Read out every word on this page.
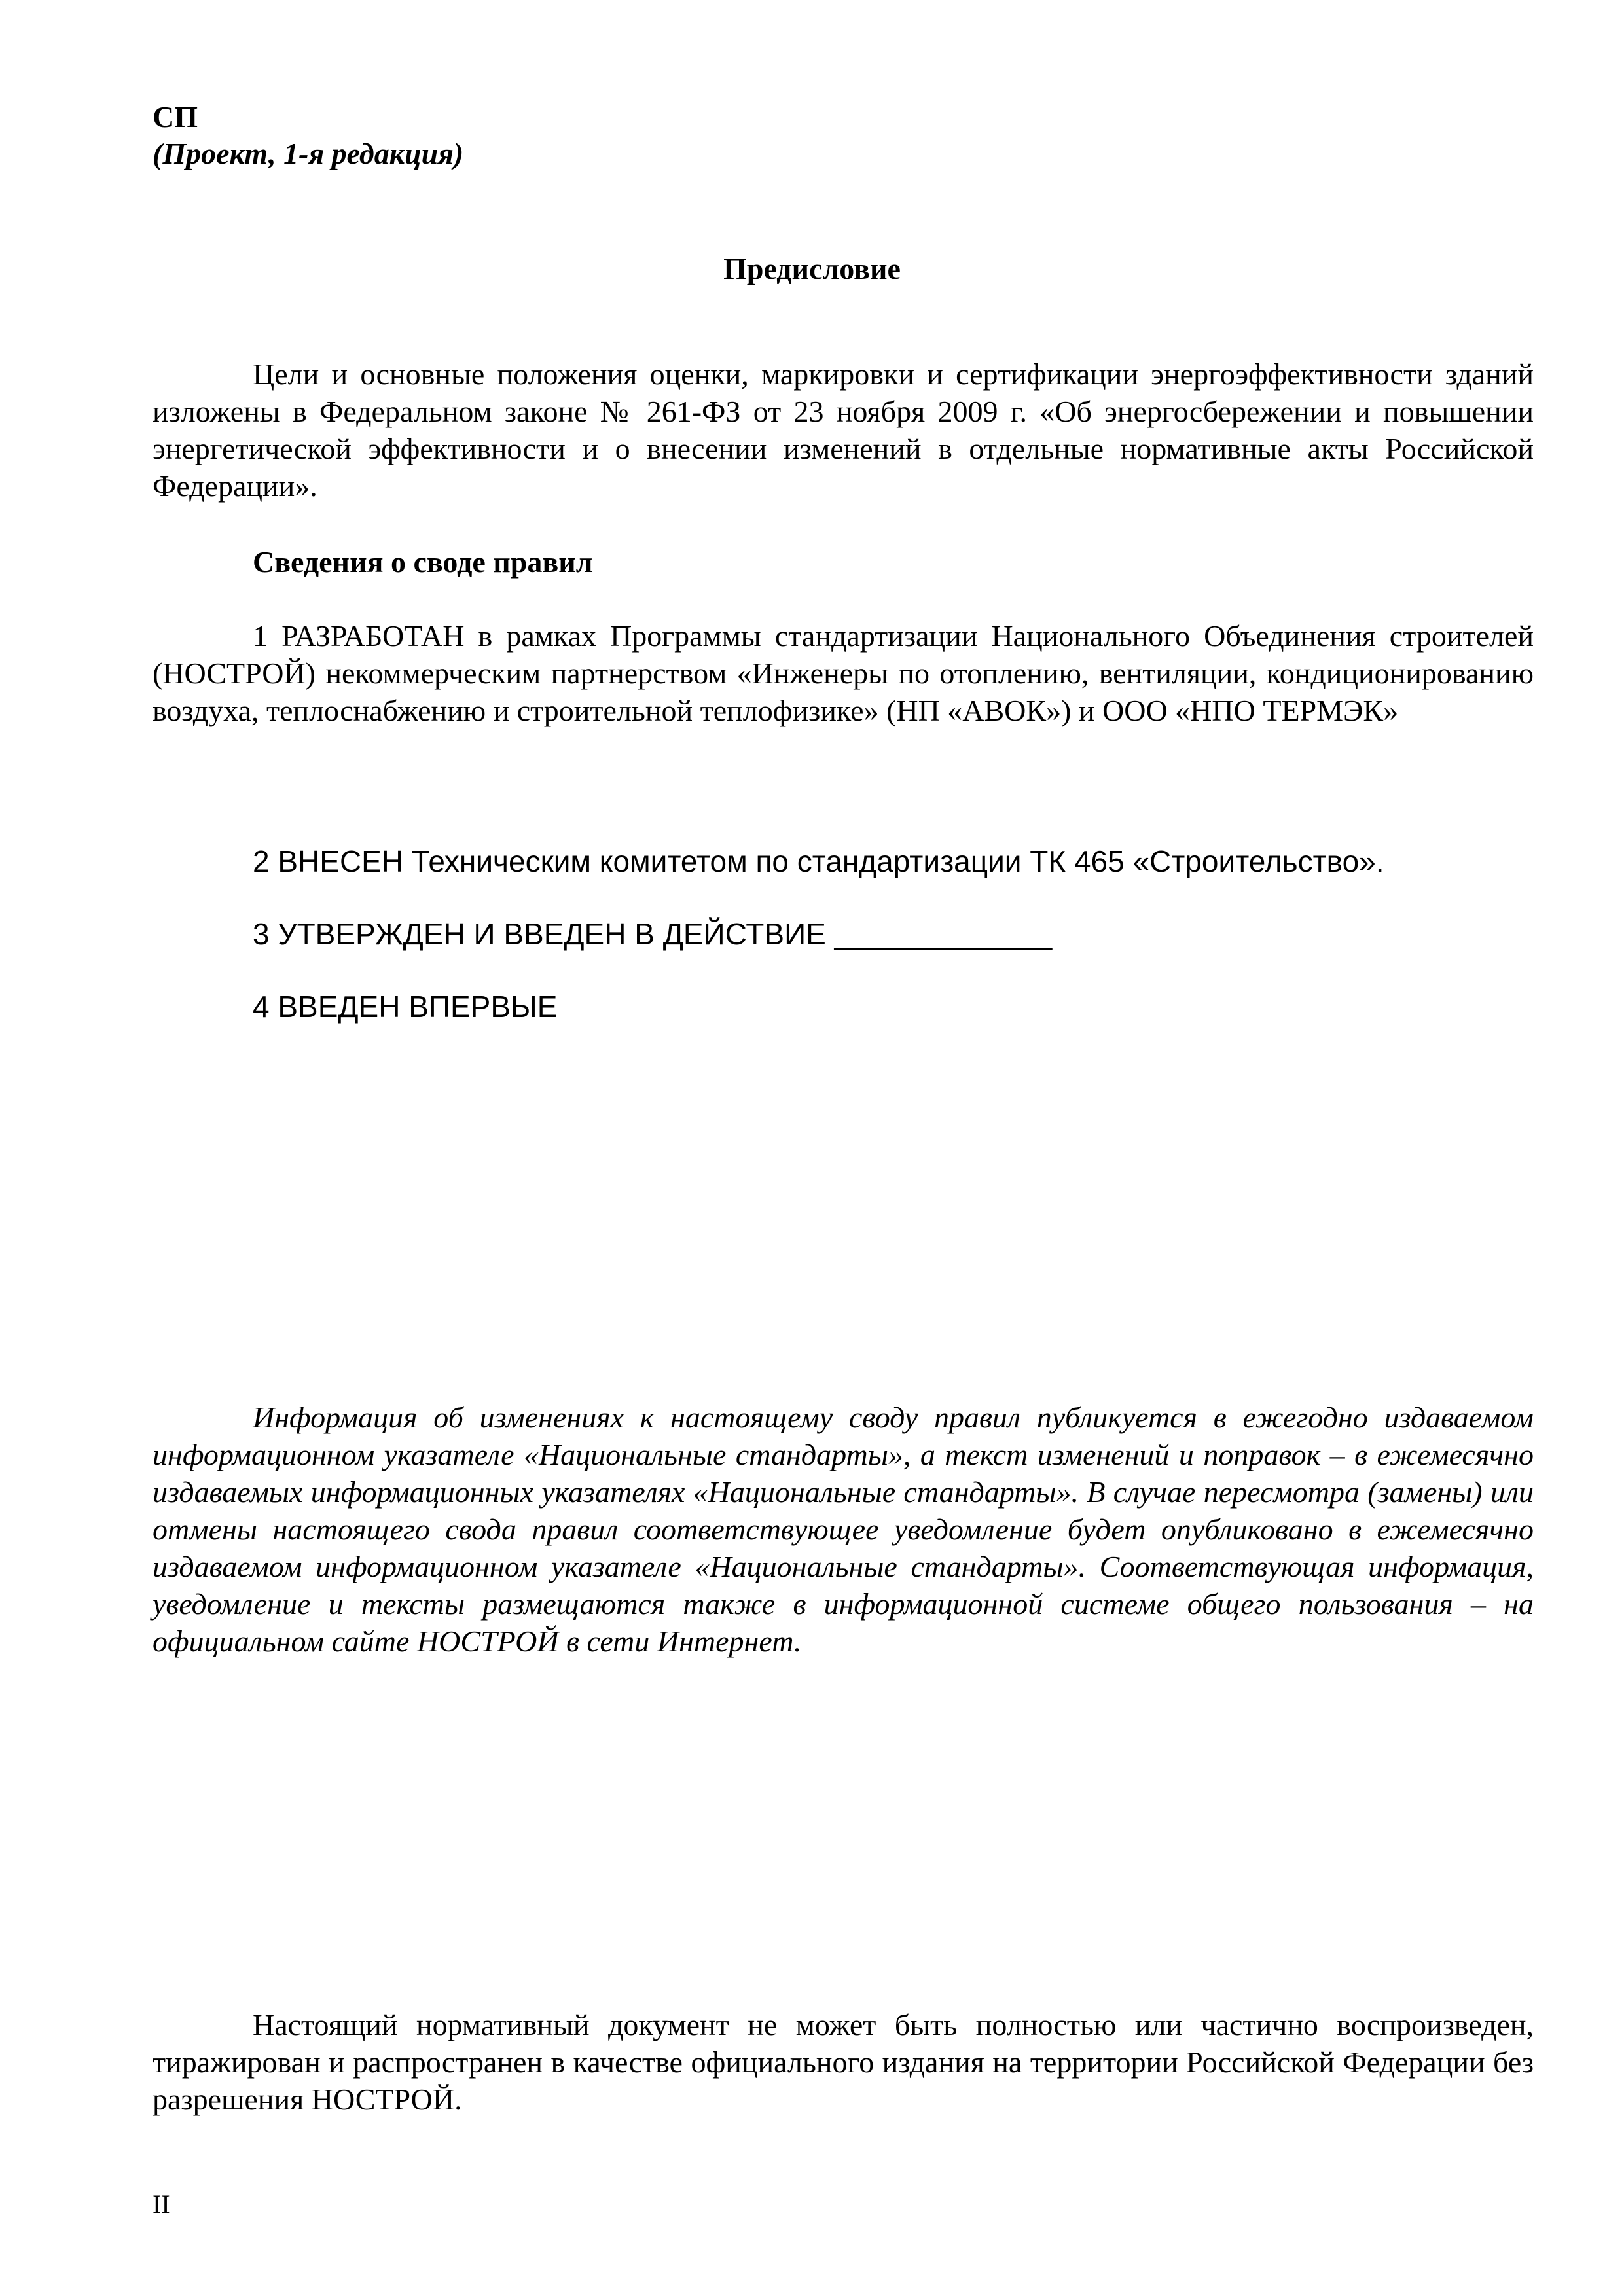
СП
(Проект, 1-я редакция)
Предисловие

Цели и основные положения оценки, маркировки и сертификации энергоэффективности зданий изложены в Федеральном законе № 261-ФЗ от 23 ноября 2009 г. «Об энергосбережении и повышении энергетической эффективности и о внесении изменений в отдельные нормативные акты Российской Федерации».

Сведения о своде правил

1 РАЗРАБОТАН в рамках Программы стандартизации Национального Объединения строителей (НОСТРОЙ) некоммерческим партнерством «Инженеры по отоплению, вентиляции, кондиционированию воздуха, теплоснабжению и строительной теплофизике» (НП «АВОК») и ООО «НПО ТЕРМЭК»

2 ВНЕСЕН Техническим комитетом по стандартизации ТК 465 «Строительство».
3 УТВЕРЖДЕН И ВВЕДЕН В ДЕЙСТВИЕ _____________
4 ВВЕДЕН ВПЕРВЫЕ

Информация об изменениях к настоящему своду правил публикуется в ежегодно издаваемом информационном указателе «Национальные стандарты», а текст изменений и поправок – в ежемесячно издаваемых информационных указателях «Национальные стандарты». В случае пересмотра (замены) или отмены настоящего свода правил соответствующее уведомление будет опубликовано в ежемесячно издаваемом информационном указателе «Национальные стандарты». Соответствующая информация, уведомление и тексты размещаются также в информационной системе общего пользования – на официальном сайте НОСТРОЙ в сети Интернет.

Настоящий нормативный документ не может быть полностью или частично воспроизведен, тиражирован и распространен в качестве официального издания на территории Российской Федерации без разрешения НОСТРОЙ.

II
